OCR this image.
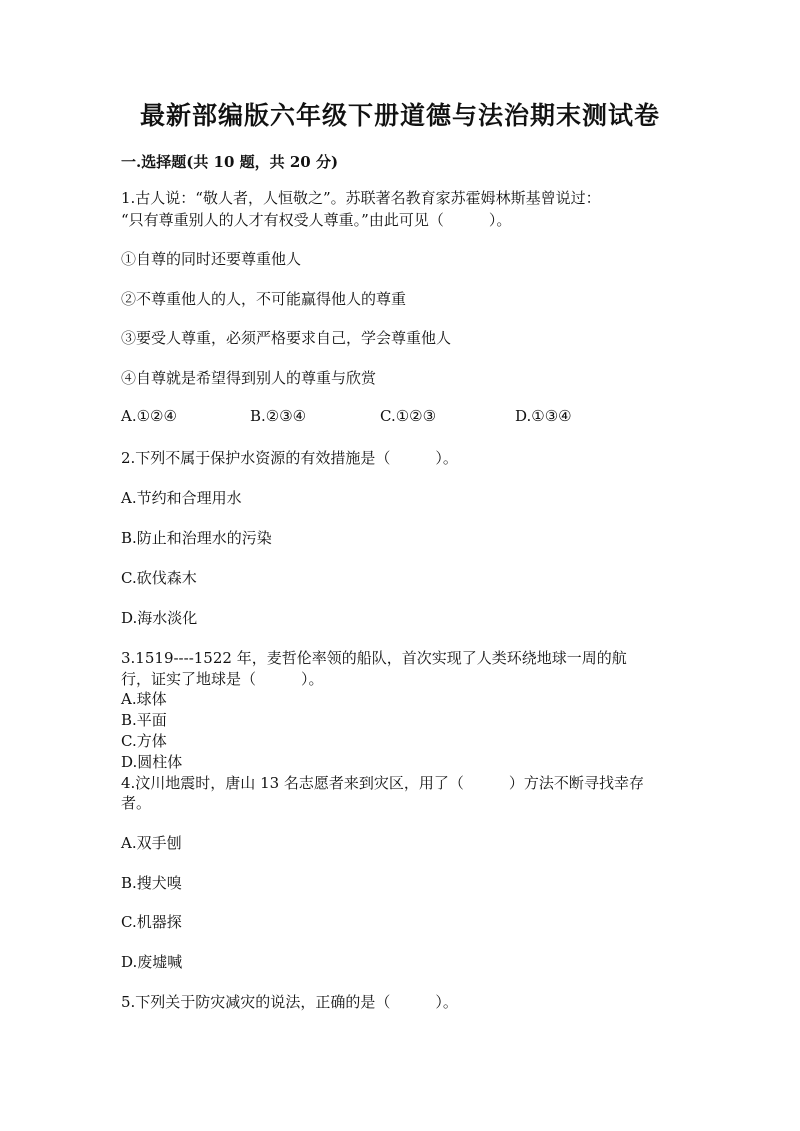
最新部编版六年级下册道德与法治期末测试卷
一.选择题(共 10 题，共 20 分)
1.古人说：“敬人者，人恒敬之”。苏联著名教育家苏霍姆林斯基曾说过：
“只有尊重别人的人才有权受人尊重。”由此可见（　　　）。
①自尊的同时还要尊重他人
②不尊重他人的人，不可能赢得他人的尊重
③要受人尊重，必须严格要求自己，学会尊重他人
④自尊就是希望得到别人的尊重与欣赏
A.①②④	B.②③④	C.①②③	D.①③④
2.下列不属于保护水资源的有效措施是（　　　）。
A.节约和合理用水
B.防止和治理水的污染
C.砍伐森木
D.海水淡化
3.1519----1522 年，麦哲伦率领的船队，首次实现了人类环绕地球一周的航
行，证实了地球是（　　　）。
A.球体
B.平面
C.方体
D.圆柱体
4.汶川地震时，唐山 13 名志愿者来到灾区，用了（　　　）方法不断寻找幸存
者。
A.双手刨
B.搜犬嗅
C.机器探
D.废墟喊
5.下列关于防灾减灾的说法，正确的是（　　　）。
